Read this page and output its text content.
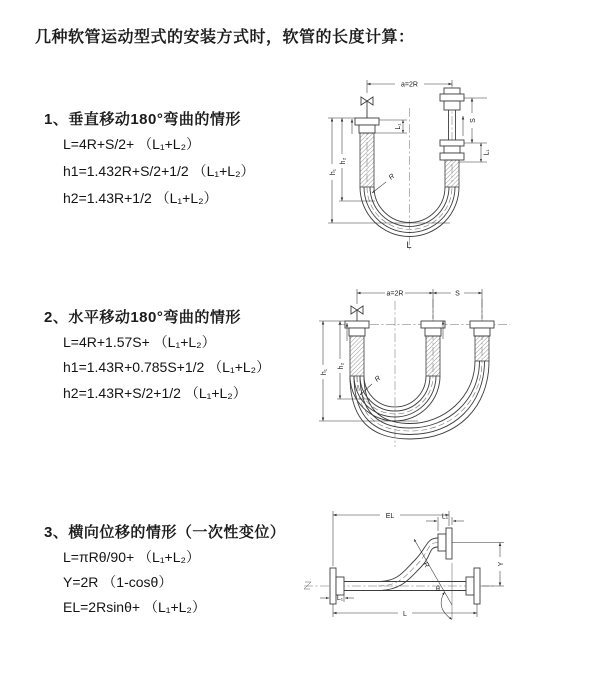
几种软管运动型式的安装方式时，软管的长度计算：
1、垂直移动180°弯曲的情形
L=4R+S/2+ （L₁+L₂）
h1=1.432R+S/2+1/2 （L₁+L₂）
h2=1.43R+1/2 （L₁+L₂）
a=2R
S
L₁
L₁
h₁
h₂
R
L
2、水平移动180°弯曲的情形
L=4R+1.57S+ （L₁+L₂）
h1=1.43R+0.785S+1/2 （L₁+L₂）
h2=1.43R+S/2+1/2 （L₁+L₂）
a=2R	S
h₁
h₂
R
3、横向位移的情形（一次性变位）
L=πRθ/90+ （L₁+L₂）
Y=2R （1-cosθ）
EL=2Rsinθ+ （L₁+L₂）
EL	L₁
Y
R
θ
L
L₁
